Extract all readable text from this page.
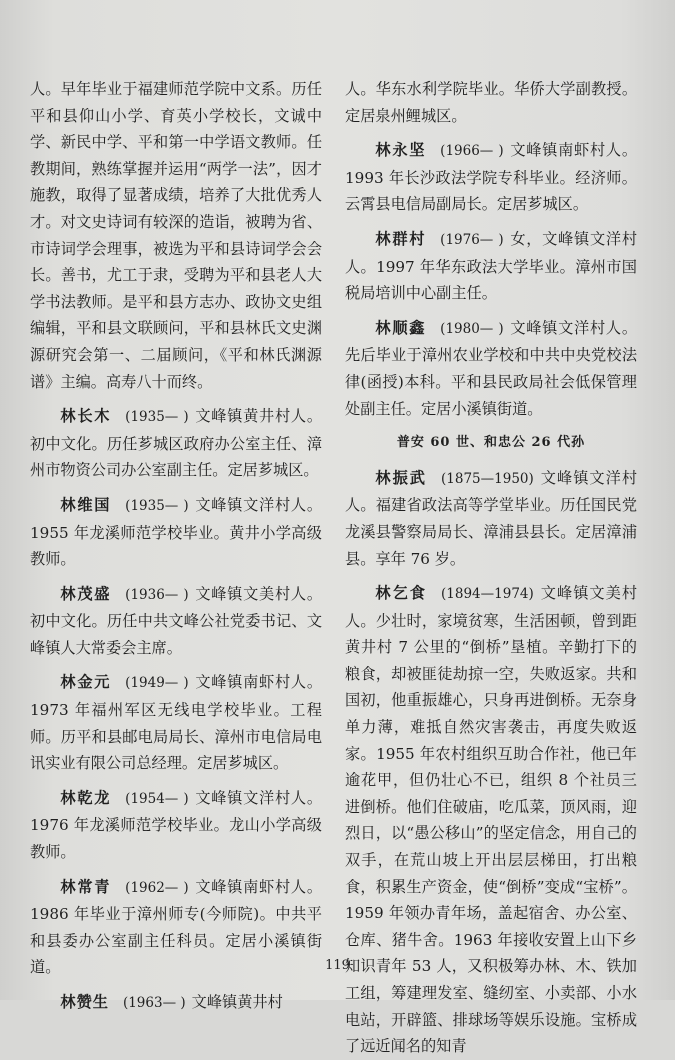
人。早年毕业于福建师范学院中文系。历任平和县仰山小学、育英小学校长，文诚中学、新民中学、平和第一中学语文教师。任教期间，熟练掌握并运用“两学一法”，因才施教，取得了显著成绩，培养了大批优秀人才。对文史诗词有较深的造诣，被聘为省、市诗词学会理事，被选为平和县诗词学会会长。善书，尤工于隶，受聘为平和县老人大学书法教师。是平和县方志办、政协文史组编辑，平和县文联顾问，平和县林氏文史渊源研究会第一、二届顾问，《平和林氏渊源谱》主编。高寿八十而终。

林长木 (1935— ) 文峰镇黄井村人。初中文化。历任芗城区政府办公室主任、漳州市物资公司办公室副主任。定居芗城区。

林维国 (1935— ) 文峰镇文洋村人。1955 年龙溪师范学校毕业。黄井小学高级教师。

林茂盛 (1936— ) 文峰镇文美村人。初中文化。历任中共文峰公社党委书记、文峰镇人大常委会主席。

林金元 (1949— ) 文峰镇南虾村人。1973 年福州军区无线电学校毕业。工程师。历平和县邮电局局长、漳州市电信局电讯实业有限公司总经理。定居芗城区。

林乾龙 (1954— ) 文峰镇文洋村人。1976 年龙溪师范学校毕业。龙山小学高级教师。

林常青 (1962— ) 文峰镇南虾村人。1986 年毕业于漳州师专(今师院)。中共平和县委办公室副主任科员。定居小溪镇街道。

林赞生 (1963— ) 文峰镇黄井村

人。华东水利学院毕业。华侨大学副教授。定居泉州鲤城区。

林永坚 (1966— ) 文峰镇南虾村人。1993 年长沙政法学院专科毕业。经济师。云霄县电信局副局长。定居芗城区。

林群村 (1976— ) 女，文峰镇文洋村人。1997 年华东政法大学毕业。漳州市国税局培训中心副主任。

林顺鑫 (1980— ) 文峰镇文洋村人。先后毕业于漳州农业学校和中共中央党校法律(函授)本科。平和县民政局社会低保管理处副主任。定居小溪镇街道。

普安 60 世、和忠公 26 代孙

林振武 (1875—1950) 文峰镇文洋村人。福建省政法高等学堂毕业。历任国民党龙溪县警察局局长、漳浦县县长。定居漳浦县。享年 76 岁。

林乞食 (1894—1974) 文峰镇文美村人。少壮时，家境贫寒，生活困顿，曾到距黄井村 7 公里的“倒桥”垦植。辛勤打下的粮食，却被匪徒劫掠一空，失败返家。共和国初，他重振雄心，只身再进倒桥。无奈身单力薄，难抵自然灾害袭击，再度失败返家。1955 年农村组织互助合作社，他已年逾花甲，但仍壮心不已，组织 8 个社员三进倒桥。他们住破庙，吃瓜菜，顶风雨，迎烈日，以“愚公移山”的坚定信念，用自己的双手，在荒山坡上开出层层梯田，打出粮食，积累生产资金，使“倒桥”变成“宝桥”。1959 年领办青年场，盖起宿舍、办公室、仓库、猪牛舍。1963 年接收安置上山下乡知识青年 53 人，又积极筹办林、木、铁加工组，筹建理发室、缝纫室、小卖部、小水电站，开辟篮、排球场等娱乐设施。宝桥成了远近闻名的知青

119
